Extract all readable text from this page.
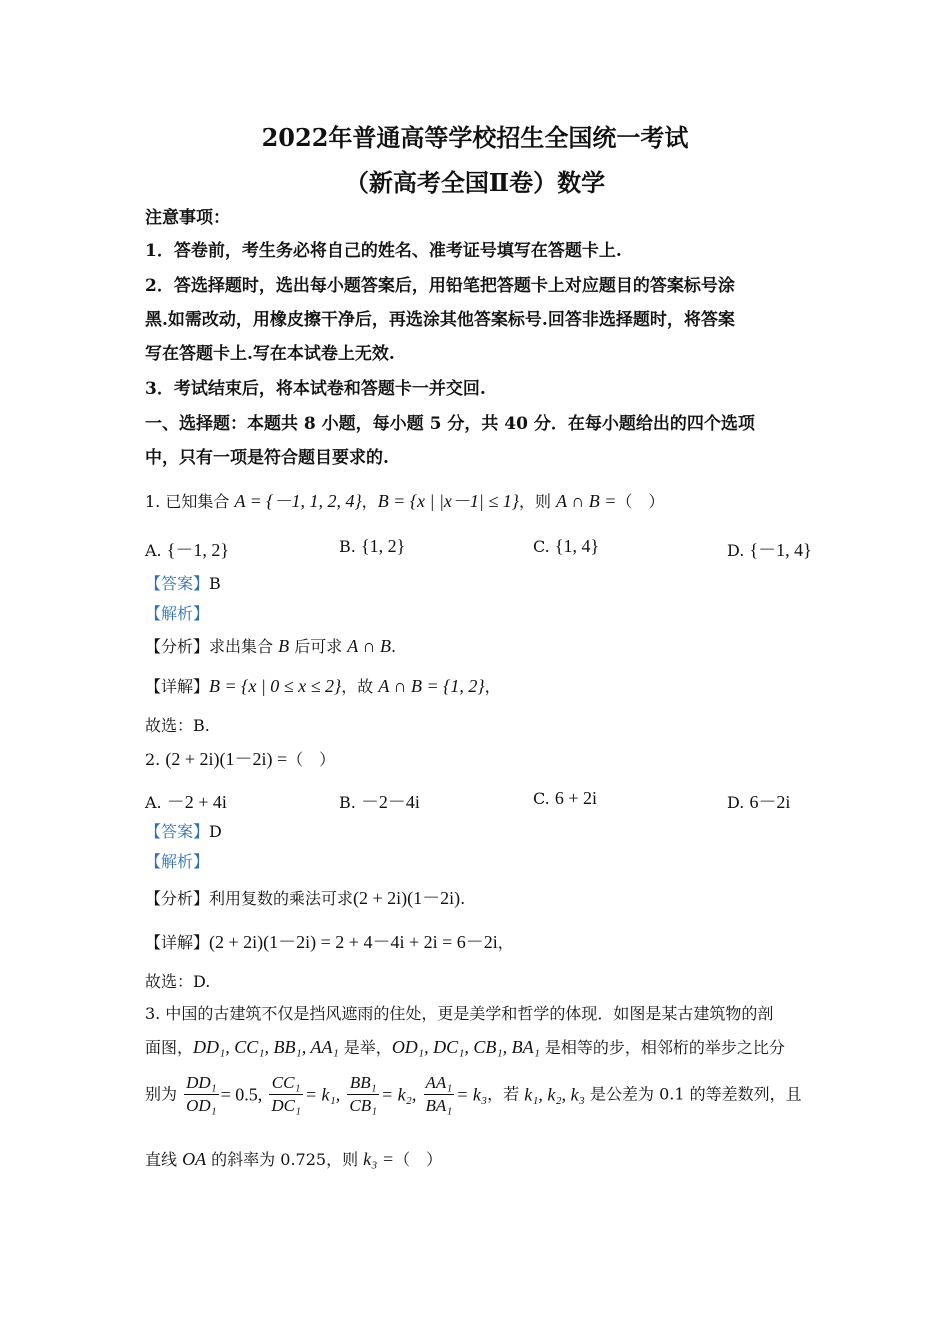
2022年普通高等学校招生全国统一考试
（新高考全国Ⅱ卷）数学
注意事项：
1．答卷前，考生务必将自己的姓名、准考证号填写在答题卡上.
2．答选择题时，选出每小题答案后，用铅笔把答题卡上对应题目的答案标号涂
黑.如需改动，用橡皮擦干净后，再选涂其他答案标号.回答非选择题时，将答案
写在答题卡上.写在本试卷上无效.
3．考试结束后，将本试卷和答题卡一并交回.
一、选择题：本题共 8 小题，每小题 5 分，共 40 分．在每小题给出的四个选项
中，只有一项是符合题目要求的.
1. 已知集合 A = {－1, 1, 2, 4}，B = {x | |x－1| ≤ 1}，则 A ∩ B =（　）
A. {－1, 2}	B. {1, 2}	C. {1, 4}	D. {－1, 4}
【答案】B
【解析】
【分析】求出集合 B 后可求 A ∩ B.
【详解】B = {x | 0 ≤ x ≤ 2}，故 A ∩ B = {1, 2}，
故选：B.
2. (2 + 2i)(1－2i) =（　）
A. －2 + 4i	B. －2－4i	C. 6 + 2i	D. 6－2i
【答案】D
【解析】
【分析】利用复数的乘法可求(2 + 2i)(1－2i).
【详解】(2 + 2i)(1－2i) = 2 + 4－4i + 2i = 6－2i，
故选：D.
3. 中国的古建筑不仅是挡风遮雨的住处，更是美学和哲学的体现．如图是某古建筑物的剖
面图，DD₁, CC₁, BB₁, AA₁ 是举，OD₁, DC₁, CB₁, BA₁ 是相等的步，相邻桁的举步之比分
别为 $\frac{\text{DD₁}}{\text{OD₁}} = 0.5$, $\frac{\text{CC₁}}{\text{DC₁}} = k_1$, $\frac{\text{BB₁}}{\text{CB₁}} = k_2$, $\frac{\text{AA₁}}{\text{BA₁}} = k_3$，若 k₁, k₂, k₃ 是公差为 0.1 的等差数列，且
直线 OA 的斜率为 0.725，则 k₃ =（　）
